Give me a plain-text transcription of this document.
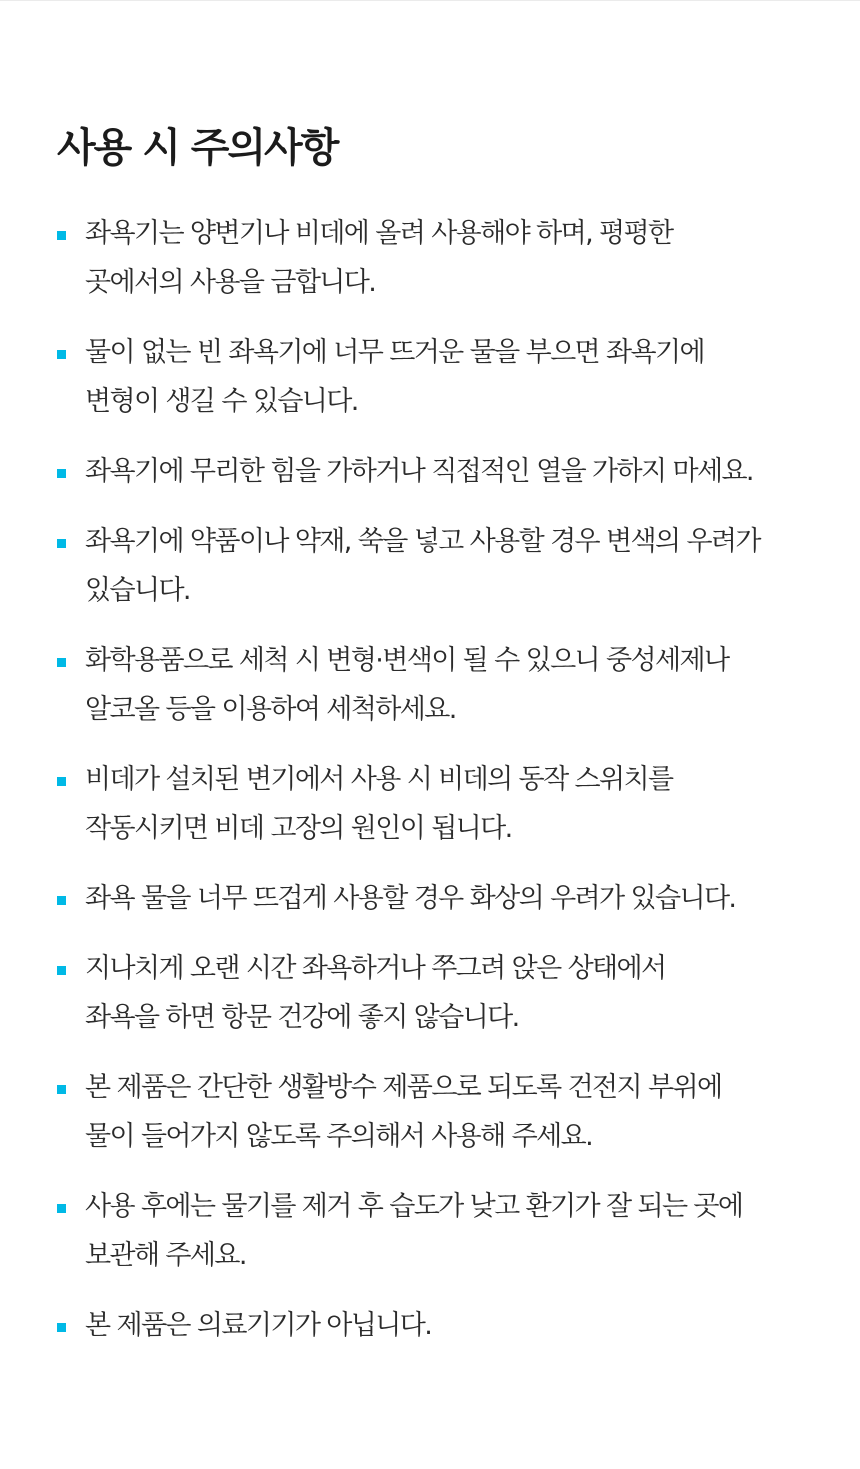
사용 시 주의사항
좌욕기는 양변기나 비데에 올려 사용해야 하며, 평평한
곳에서의 사용을 금합니다.
물이 없는 빈 좌욕기에 너무 뜨거운 물을 부으면 좌욕기에
변형이 생길 수 있습니다.
좌욕기에 무리한 힘을 가하거나 직접적인 열을 가하지 마세요.
좌욕기에 약품이나 약재, 쑥을 넣고 사용할 경우 변색의 우려가
있습니다.
화학용품으로 세척 시 변형·변색이 될 수 있으니 중성세제나
알코올 등을 이용하여 세척하세요.
비데가 설치된 변기에서 사용 시 비데의 동작 스위치를
작동시키면 비데 고장의 원인이 됩니다.
좌욕 물을 너무 뜨겁게 사용할 경우 화상의 우려가 있습니다.
지나치게 오랜 시간 좌욕하거나 쭈그려 앉은 상태에서
좌욕을 하면 항문 건강에 좋지 않습니다.
본 제품은 간단한 생활방수 제품으로 되도록 건전지 부위에
물이 들어가지 않도록 주의해서 사용해 주세요.
사용 후에는 물기를 제거 후 습도가 낮고 환기가 잘 되는 곳에
보관해 주세요.
본 제품은 의료기기가 아닙니다.
